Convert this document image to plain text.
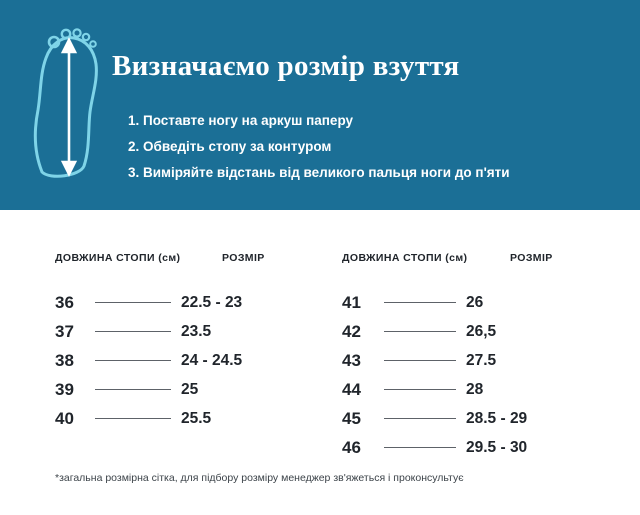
Визначаємо розмір взуття
1. Поставте ногу на аркуш паперу
2. Обведіть стопу за контуром
3. Виміряйте відстань від великого пальця ноги до п'яти
ДОВЖИНА СТОПИ (см)	РОЗМІР	ДОВЖИНА СТОПИ (см)	РОЗМІР
36	22.5 - 23
37	23.5
38	24 - 24.5
39	25
40	25.5
41	26
42	26,5
43	27.5
44	28
45	28.5 - 29
46	29.5 - 30
*загальна розмірна сітка, для підбору розміру менеджер зв'яжеться і проконсультує
